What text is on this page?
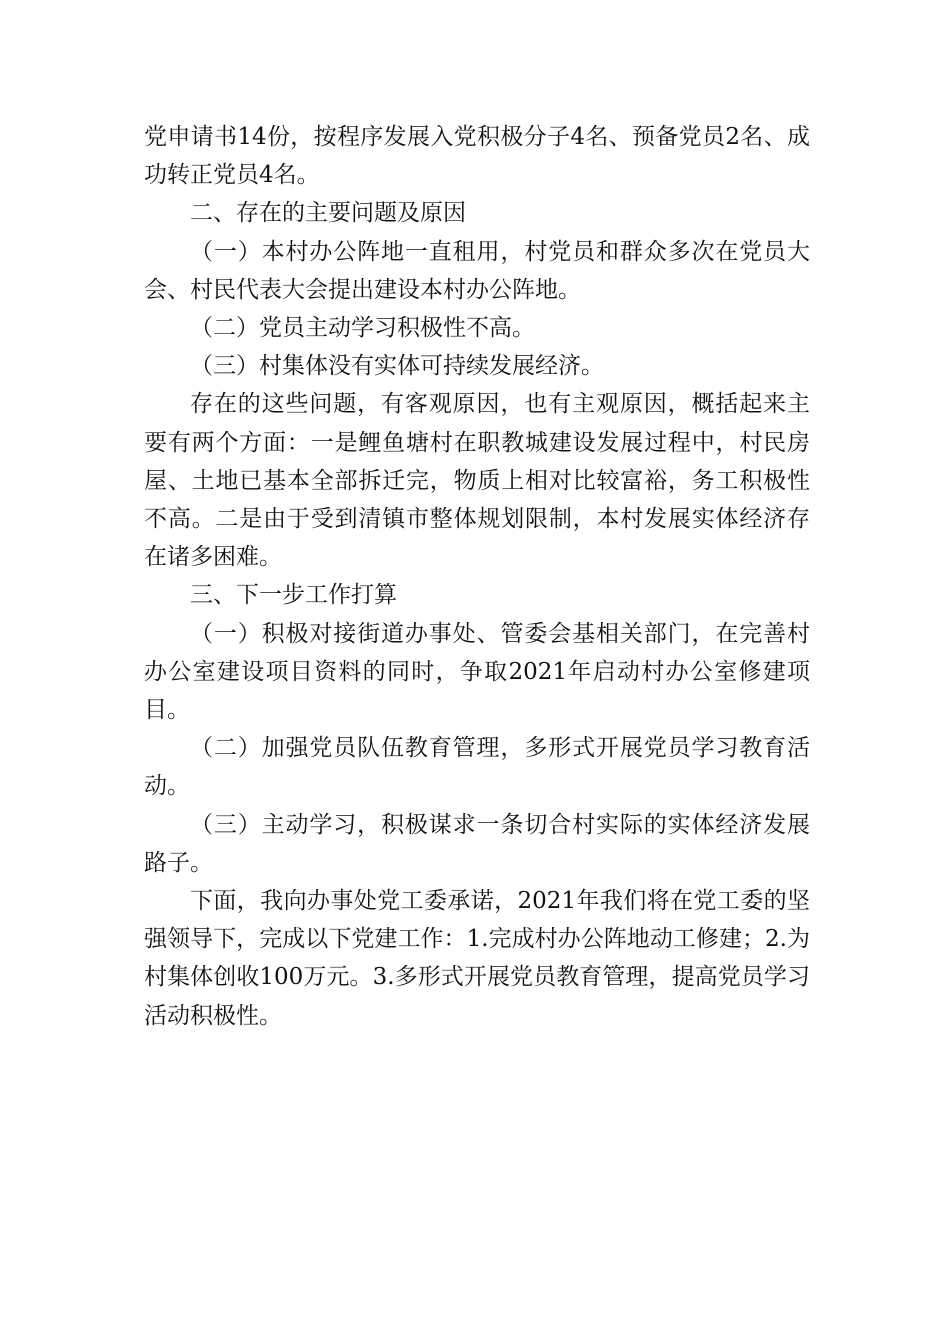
党申请书14份，按程序发展入党积极分子4名、预备党员2名、成功转正党员4名。

二、存在的主要问题及原因

（一）本村办公阵地一直租用，村党员和群众多次在党员大会、村民代表大会提出建设本村办公阵地。

（二）党员主动学习积极性不高。

（三）村集体没有实体可持续发展经济。

存在的这些问题，有客观原因，也有主观原因，概括起来主要有两个方面：一是鲤鱼塘村在职教城建设发展过程中，村民房屋、土地已基本全部拆迁完，物质上相对比较富裕，务工积极性不高。二是由于受到清镇市整体规划限制，本村发展实体经济存在诸多困难。

三、下一步工作打算

（一）积极对接街道办事处、管委会基相关部门，在完善村办公室建设项目资料的同时，争取2021年启动村办公室修建项目。

（二）加强党员队伍教育管理，多形式开展党员学习教育活动。

（三）主动学习，积极谋求一条切合村实际的实体经济发展路子。

下面，我向办事处党工委承诺，2021年我们将在党工委的坚强领导下，完成以下党建工作：1.完成村办公阵地动工修建；2.为村集体创收100万元。3.多形式开展党员教育管理，提高党员学习活动积极性。
